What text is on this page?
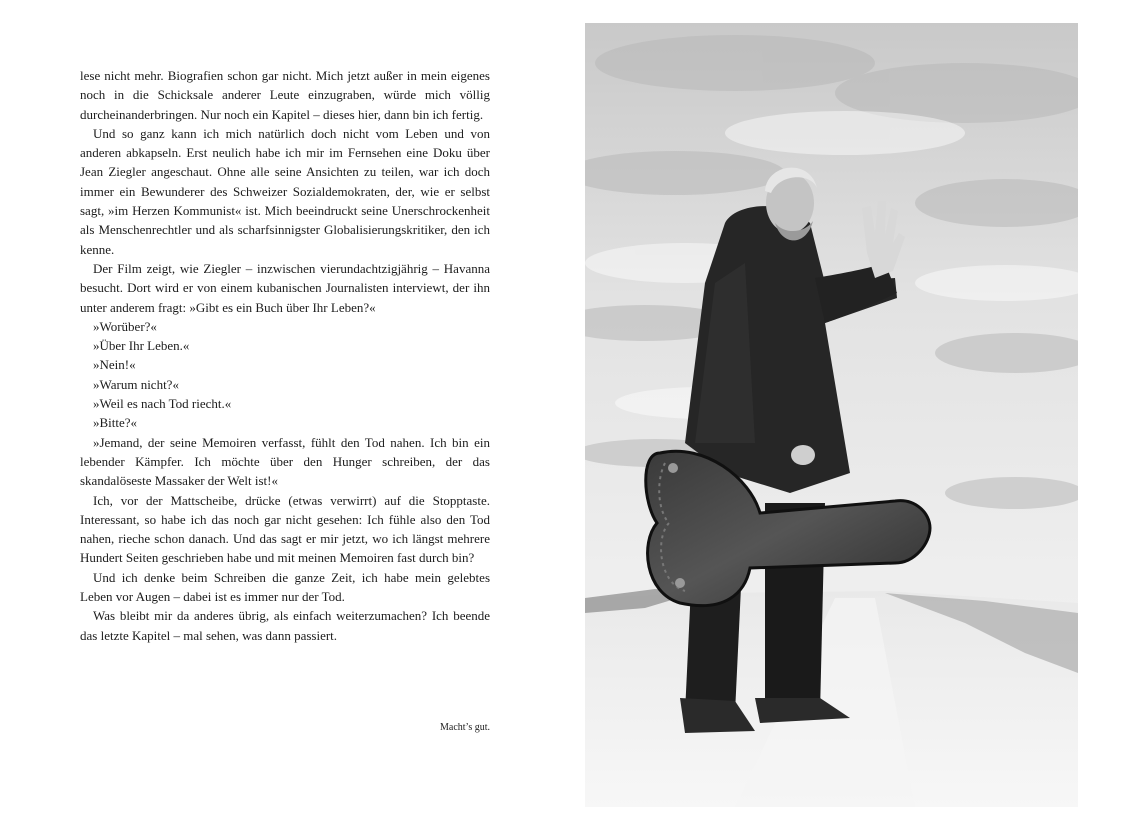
lese nicht mehr. Biografien schon gar nicht. Mich jetzt außer in mein eigenes noch in die Schicksale anderer Leute einzugraben, würde mich völlig durcheinanderbringen. Nur noch ein Kapitel – dieses hier, dann bin ich fertig.

Und so ganz kann ich mich natürlich doch nicht vom Leben und von anderen abkapseln. Erst neulich habe ich mir im Fernsehen eine Doku über Jean Ziegler angeschaut. Ohne alle seine Ansichten zu teilen, war ich doch immer ein Bewunderer des Schweizer Sozialdemokraten, der, wie er selbst sagt, »im Herzen Kommunist« ist. Mich beeindruckt seine Unerschrockenheit als Menschenrechtler und als scharfsinnigster Globalisierungskritiker, den ich kenne.

Der Film zeigt, wie Ziegler – inzwischen vierundachtzigjährig – Havanna besucht. Dort wird er von einem kubanischen Journalisten interviewt, der ihn unter anderem fragt: »Gibt es ein Buch über Ihr Leben?«

»Worüber?«

»Über Ihr Leben.«

»Nein!«

»Warum nicht?«

»Weil es nach Tod riecht.«

»Bitte?«

»Jemand, der seine Memoiren verfasst, fühlt den Tod nahen. Ich bin ein lebender Kämpfer. Ich möchte über den Hunger schreiben, der das skandalöseste Massaker der Welt ist!«

Ich, vor der Mattscheibe, drücke (etwas verwirrt) auf die Stopptaste. Interessant, so habe ich das noch gar nicht gesehen: Ich fühle also den Tod nahen, rieche schon danach. Und das sagt er mir jetzt, wo ich längst mehrere Hundert Seiten geschrieben habe und mit meinen Memoiren fast durch bin?

Und ich denke beim Schreiben die ganze Zeit, ich habe mein gelebtes Leben vor Augen – dabei ist es immer nur der Tod.

Was bleibt mir da anderes übrig, als einfach weiterzumachen? Ich beende das letzte Kapitel – mal sehen, was dann passiert.

Macht’s gut.
